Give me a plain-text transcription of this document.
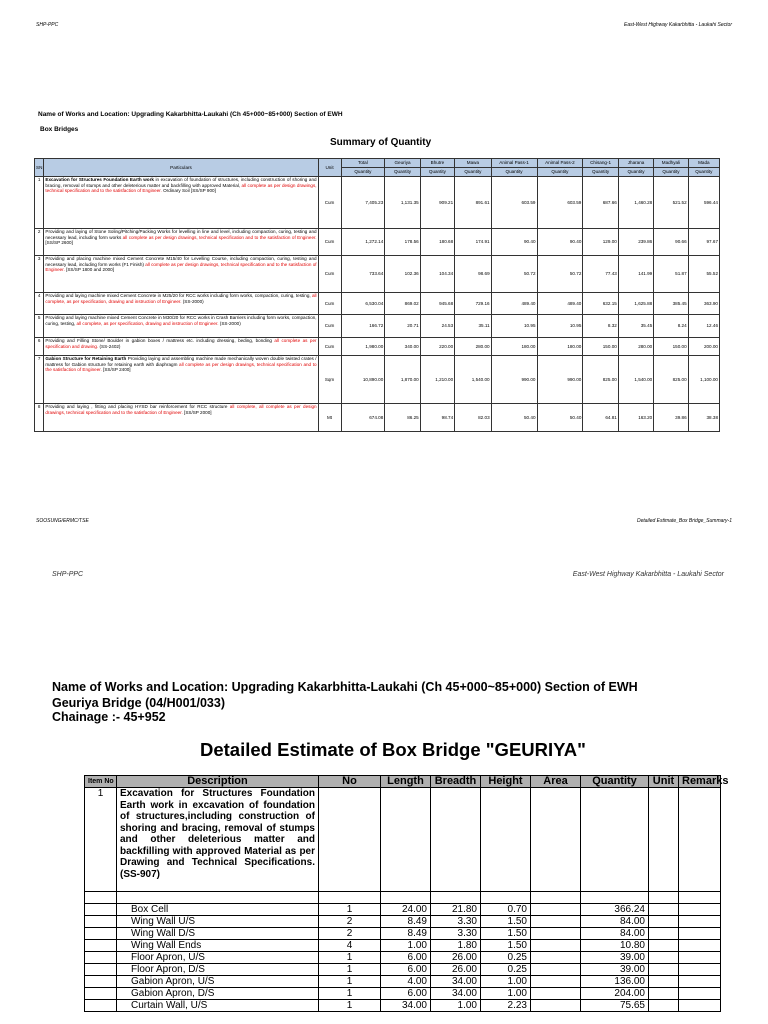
SHP-PPC	East-West Highway Kakarbhitta - Laukahi Sector
Name of Works and Location: Upgrading Kakarbhitta-Laukahi (Ch 45+000~85+000) Section of EWH
Box Bridges
Summary of Quantity
SN	Particulars	Unit	Total	Geuriya	Bhutre	Mawa	Animal Pass-1	Animal Pass-2	Chisang-1	Jharana	Madhyali	Mada
			Quantity	Quantity	Quantity	Quantity	Quantity	Quantity	Quantity	Quantity	Quantity	Quantity
1	Excavation for Structures Foundation Earth work in excavation of foundation of structures, including construction of shoring and bracing, removal of stumps and other deleterious matter and backfilling with approved Material, all complete as per design drawings, technical specification and to the satisfaction of Engineer. Ordinary Soil [SS/SP 900]	Cum	7,405.23	1,131.35	909.21	891.61	603.59	603.59	687.66	1,460.28	521.52	596.44
2	Providing and laying of Stone Soling/Pitching/Packing Works for levelling in line and level, including compaction, curing, testing and necessary lead, including form works all complete as per design drawings, technical specification and to the satisfaction of Engineer. [SS/SP 2600]	Cum	1,272.14	178.56	180.68	174.91	90.40	90.40	129.00	239.86	90.66	97.67
3	Providing and placing machine mixed Cement Concrete M15/40 for Levelling Course, including compaction, curing, testing and necessary lead, including form works (F1 Finish) all complete as per design drawings, technical specification and to the satisfaction of Engineer. [SS/SP 1800 and 2000]	Cum	733.64	102.36	104.34	98.69	50.72	50.72	77.43	141.99	51.87	55.52
4	Providing and laying machine mixed Cement Concrete in M25/20 for RCC works including form works, compaction, curing, testing, all complete, as per specification, drawing and instruction of Engineer. (SS-2000)	Cum	6,530.04	869.02	945.68	729.16	489.40	489.40	632.15	1,625.88	385.45	363.90
5	Providing and laying machine mixed Cement Concrete in M30/20 for RCC works in Crash Barriers including form works, compaction, curing, testing, all complete, as per specification, drawing and instruction of Engineer. (SS-2000)	Cum	166.72	20.71	24.53	35.11	10.95	10.95	8.32	35.45	8.24	12.46
6	Providing and Filling Stone/ Boulder in gabion boxes / mattress etc. including dressing, beding, bonding all complete as per specification and drawing. (SS-2402)	Cum	1,980.00	340.00	220.00	280.00	180.00	180.00	150.00	280.00	150.00	200.00
7	Gabion Structure for Retaining Earth Providing laying and assembling machine made mechanically woven double twisted crates / mattress for Gabion structure for retaining earth with diaphragm all complete as per design drawings, technical specification and to the satisfaction of Engineer. [SS/SP 2400]	Sqm	10,890.00	1,870.00	1,210.00	1,540.00	990.00	990.00	825.00	1,540.00	825.00	1,100.00
8	Providing and laying , fitting and placing HYSD bar reinforcement for RCC structure all complete, all complete as per design drawings, technical specification and to the satisfaction of Engineer. [SS/SP 2000]	Mt	674.08	86.25	98.74	82.03	50.40	50.40	64.81	163.20	39.86	38.38
SOOSUNG/ERMC/TSE	Detailed Estimate_Box Bridge_Summary-1
SHP-PPC	East-West Highway Kakarbhitta - Laukahi Sector
Name of Works and Location: Upgrading Kakarbhitta-Laukahi (Ch 45+000~85+000) Section of EWH
Geuriya Bridge (04/H001/033)
Chainage :- 45+952
Detailed Estimate of Box Bridge "GEURIYA"
Item No	Description	No	Length	Breadth	Height	Area	Quantity	Unit	Remarks
1	Excavation for Structures Foundation Earth work in excavation of foundation of structures,including construction of shoring and bracing, removal of stumps and other deleterious matter and backfilling with approved Material as per Drawing and Technical Specifications. (SS-907)								

	Box Cell	1	24.00	21.80	0.70		366.24		
	Wing Wall U/S	2	8.49	3.30	1.50		84.00		
	Wing Wall D/S	2	8.49	3.30	1.50		84.00		
	Wing Wall Ends	4	1.00	1.80	1.50		10.80		
	Floor Apron, U/S	1	6.00	26.00	0.25		39.00		
	Floor Apron, D/S	1	6.00	26.00	0.25		39.00		
	Gabion Apron, U/S	1	4.00	34.00	1.00		136.00		
	Gabion Apron, D/S	1	6.00	34.00	1.00		204.00		
	Curtain Wall, U/S	1	34.00	1.00	2.23		75.65		
